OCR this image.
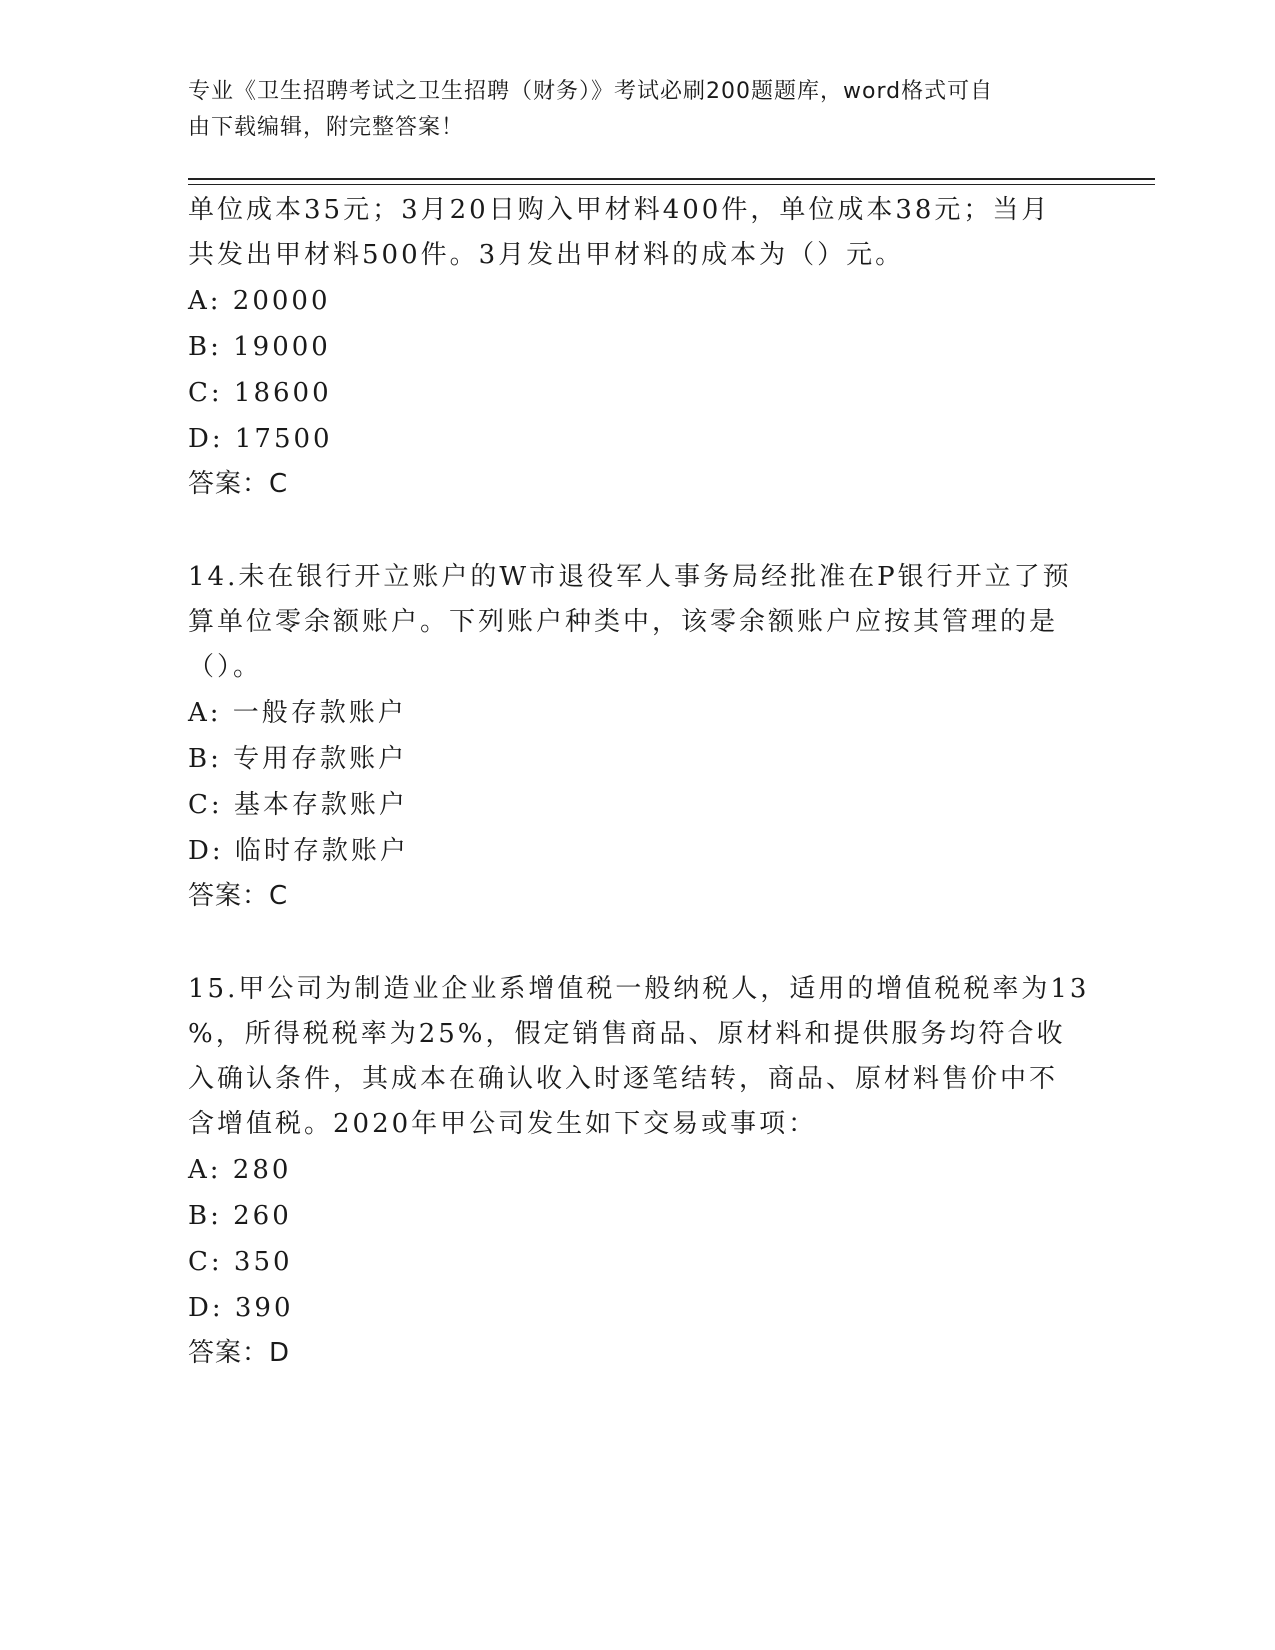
专业《卫生招聘考试之卫生招聘（财务）》考试必刷200题题库，word格式可自
由下载编辑，附完整答案！
单位成本35元；3月20日购入甲材料400件，单位成本38元；当月
共发出甲材料500件。3月发出甲材料的成本为（）元。
A: 20000
B: 19000
C: 18600
D: 17500
答案：C
14.未在银行开立账户的W市退役军人事务局经批准在P银行开立了预
算单位零余额账户。下列账户种类中，该零余额账户应按其管理的是
（）。
A: 一般存款账户
B: 专用存款账户
C: 基本存款账户
D: 临时存款账户
答案：C
15.甲公司为制造业企业系增值税一般纳税人，适用的增值税税率为13
%，所得税税率为25%，假定销售商品、原材料和提供服务均符合收
入确认条件，其成本在确认收入时逐笔结转，商品、原材料售价中不
含增值税。2020年甲公司发生如下交易或事项：
A: 280
B: 260
C: 350
D: 390
答案：D
